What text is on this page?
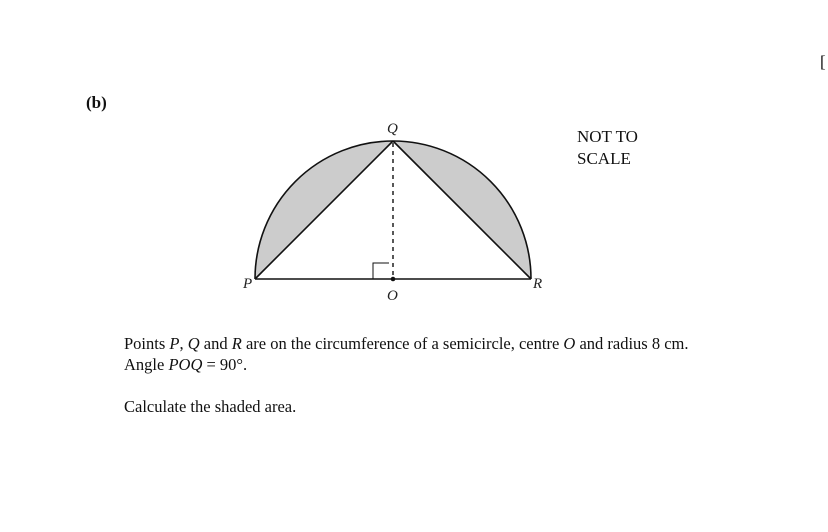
[
(b)
P
Q
R
O
NOT TO
SCALE

Points P, Q and R are on the circumference of a semicircle, centre O and radius 8 cm.

Angle POQ = 90°.

Calculate the shaded area.
